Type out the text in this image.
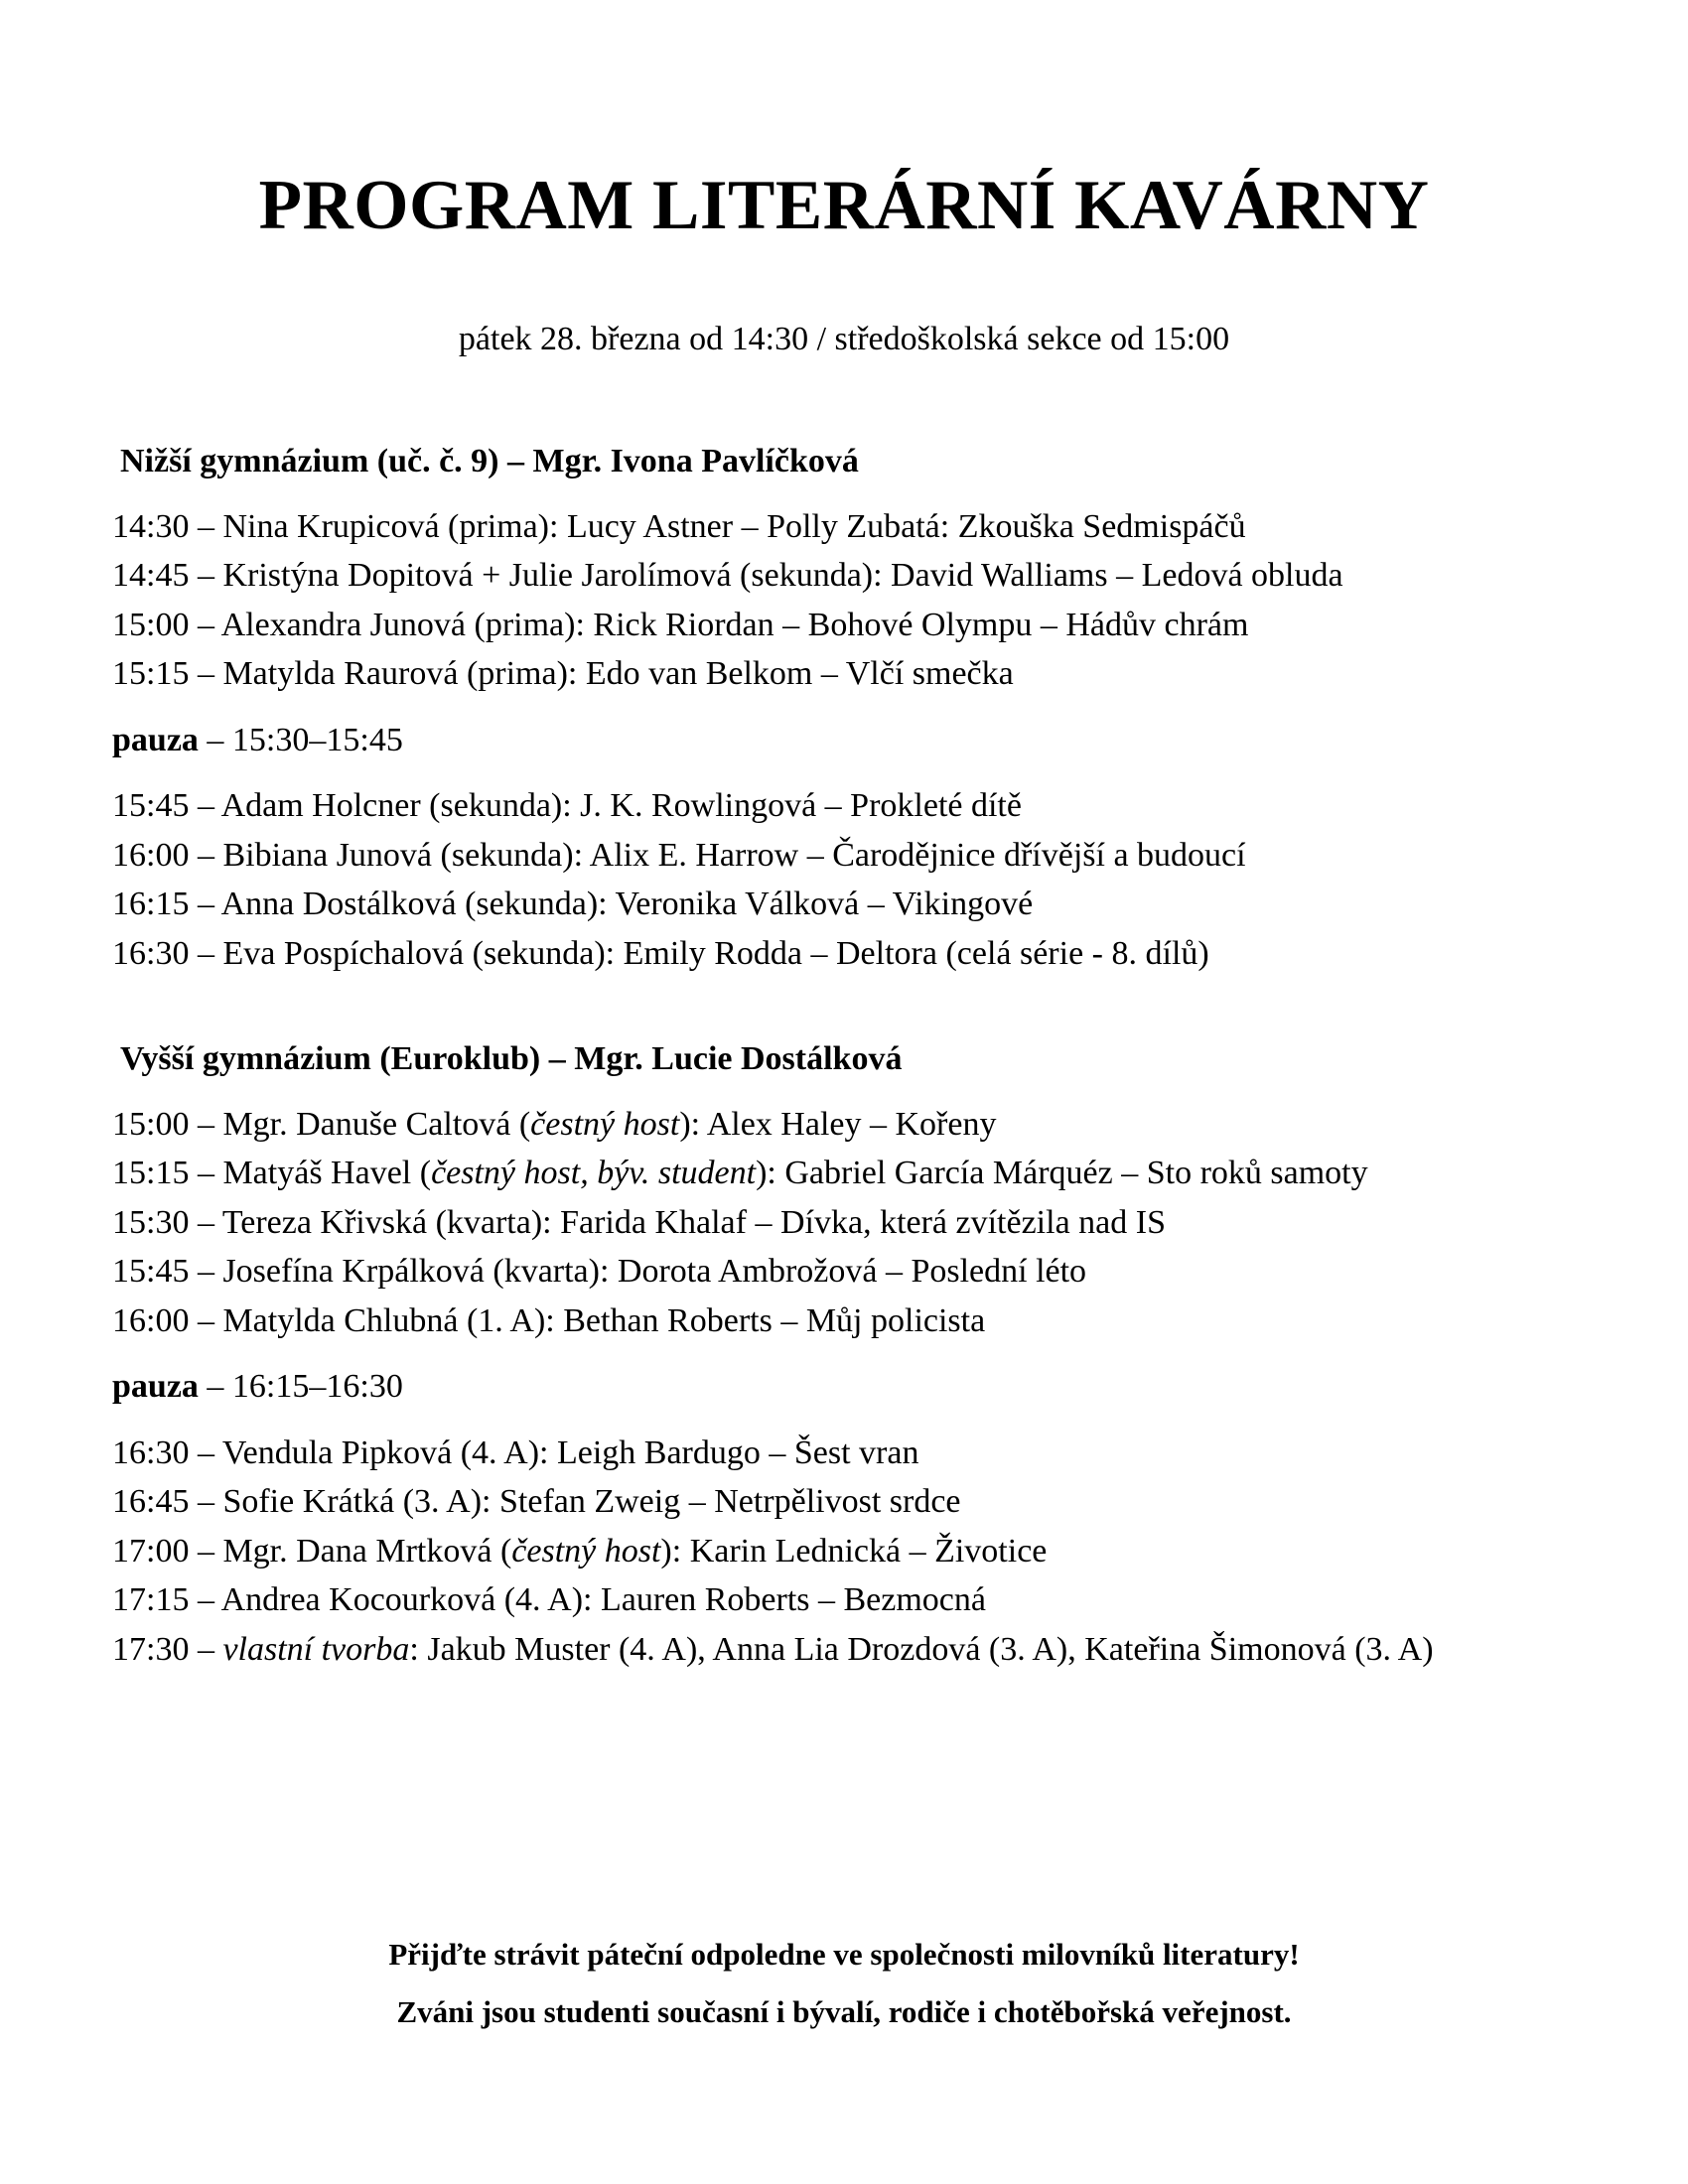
PROGRAM LITERÁRNÍ KAVÁRNY

pátek 28. března od 14:30 / středoškolská sekce od 15:00

Nižší gymnázium (uč. č. 9) – Mgr. Ivona Pavlíčková
14:30 – Nina Krupicová (prima): Lucy Astner – Polly Zubatá: Zkouška Sedmispáčů
14:45 – Kristýna Dopitová + Julie Jarolímová (sekunda): David Walliams – Ledová obluda
15:00 – Alexandra Junová (prima): Rick Riordan – Bohové Olympu – Hádův chrám
15:15 – Matylda Raurová (prima): Edo van Belkom – Vlčí smečka
pauza – 15:30–15:45
15:45 – Adam Holcner (sekunda): J. K. Rowlingová – Prokleté dítě
16:00 – Bibiana Junová (sekunda): Alix E. Harrow – Čarodějnice dřívější a budoucí
16:15 – Anna Dostálková (sekunda): Veronika Válková – Vikingové
16:30 – Eva Pospíchalová (sekunda): Emily Rodda – Deltora (celá série - 8. dílů)
Vyšší gymnázium (Euroklub) – Mgr. Lucie Dostálková
15:00 – Mgr. Danuše Caltová (čestný host): Alex Haley – Kořeny
15:15 – Matyáš Havel (čestný host, býv. student): Gabriel García Márquéz – Sto roků samoty
15:30 – Tereza Křivská (kvarta): Farida Khalaf – Dívka, která zvítězila nad IS
15:45 – Josefína Krpálková (kvarta): Dorota Ambrožová – Poslední léto
16:00 – Matylda Chlubná (1. A): Bethan Roberts – Můj policista
pauza – 16:15–16:30
16:30 – Vendula Pipková (4. A): Leigh Bardugo – Šest vran
16:45 – Sofie Krátká (3. A): Stefan Zweig – Netrpělivost srdce
17:00 – Mgr. Dana Mrtková (čestný host): Karin Lednická – Životice
17:15 – Andrea Kocourková (4. A): Lauren Roberts – Bezmocná
17:30 – vlastní tvorba: Jakub Muster (4. A), Anna Lia Drozdová (3. A), Kateřina Šimonová (3. A)

Přijďte strávit páteční odpoledne ve společnosti milovníků literatury!

Zváni jsou studenti současní i bývalí, rodiče i chotěbořská veřejnost.
